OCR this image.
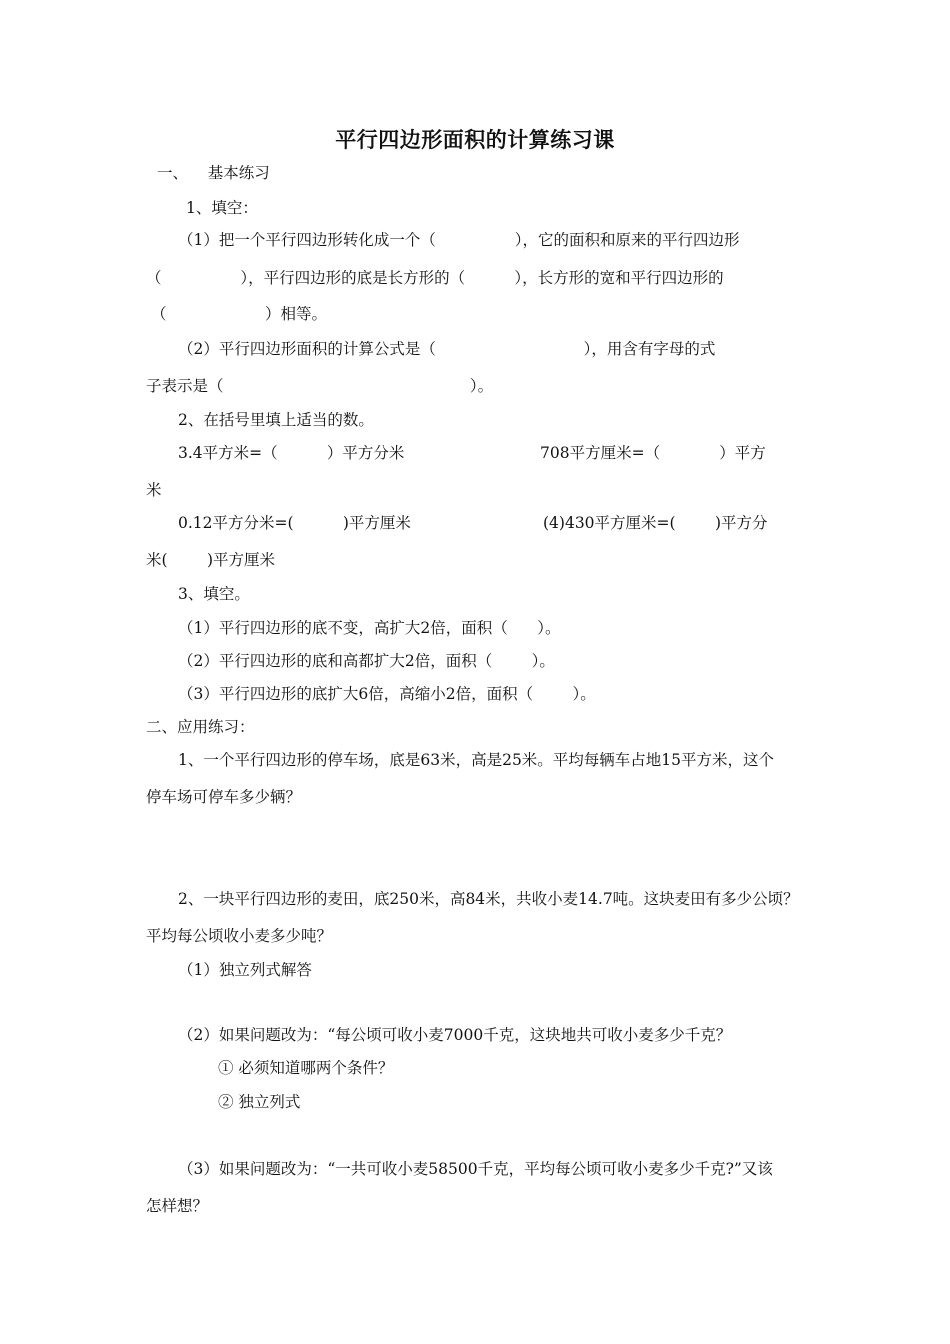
平行四边形面积的计算练习课
一、    基本练习
1、填空：
（1）把一个平行四边形转化成一个（                ），它的面积和原来的平行四边形
（                ），平行四边形的底是长方形的（          ），长方形的宽和平行四边形的
（                    ）相等。
（2）平行四边形面积的计算公式是（                              ），用含有字母的式
子表示是（                                                  ）。
2、在括号里填上适当的数。
3.4平方米=（          ）平方分米	708平方厘米=（            ）平方
米
0.12平方分米=(          )平方厘米	(4)430平方厘米=(        )平方分
米(        )平方厘米
3、填空。
（1）平行四边形的底不变，高扩大2倍，面积（      ）。
（2）平行四边形的底和高都扩大2倍，面积（        ）。
（3）平行四边形的底扩大6倍，高缩小2倍，面积（        ）。
二、应用练习：
1、一个平行四边形的停车场，底是63米，高是25米。平均每辆车占地15平方米，这个
停车场可停车多少辆？
2、一块平行四边形的麦田，底250米，高84米，共收小麦14.7吨。这块麦田有多少公顷？
平均每公顷收小麦多少吨？
（1）独立列式解答
（2）如果问题改为：“每公顷可收小麦7000千克，这块地共可收小麦多少千克？
① 必须知道哪两个条件？
② 独立列式
（3）如果问题改为：“一共可收小麦58500千克，平均每公顷可收小麦多少千克?”又该
怎样想？
